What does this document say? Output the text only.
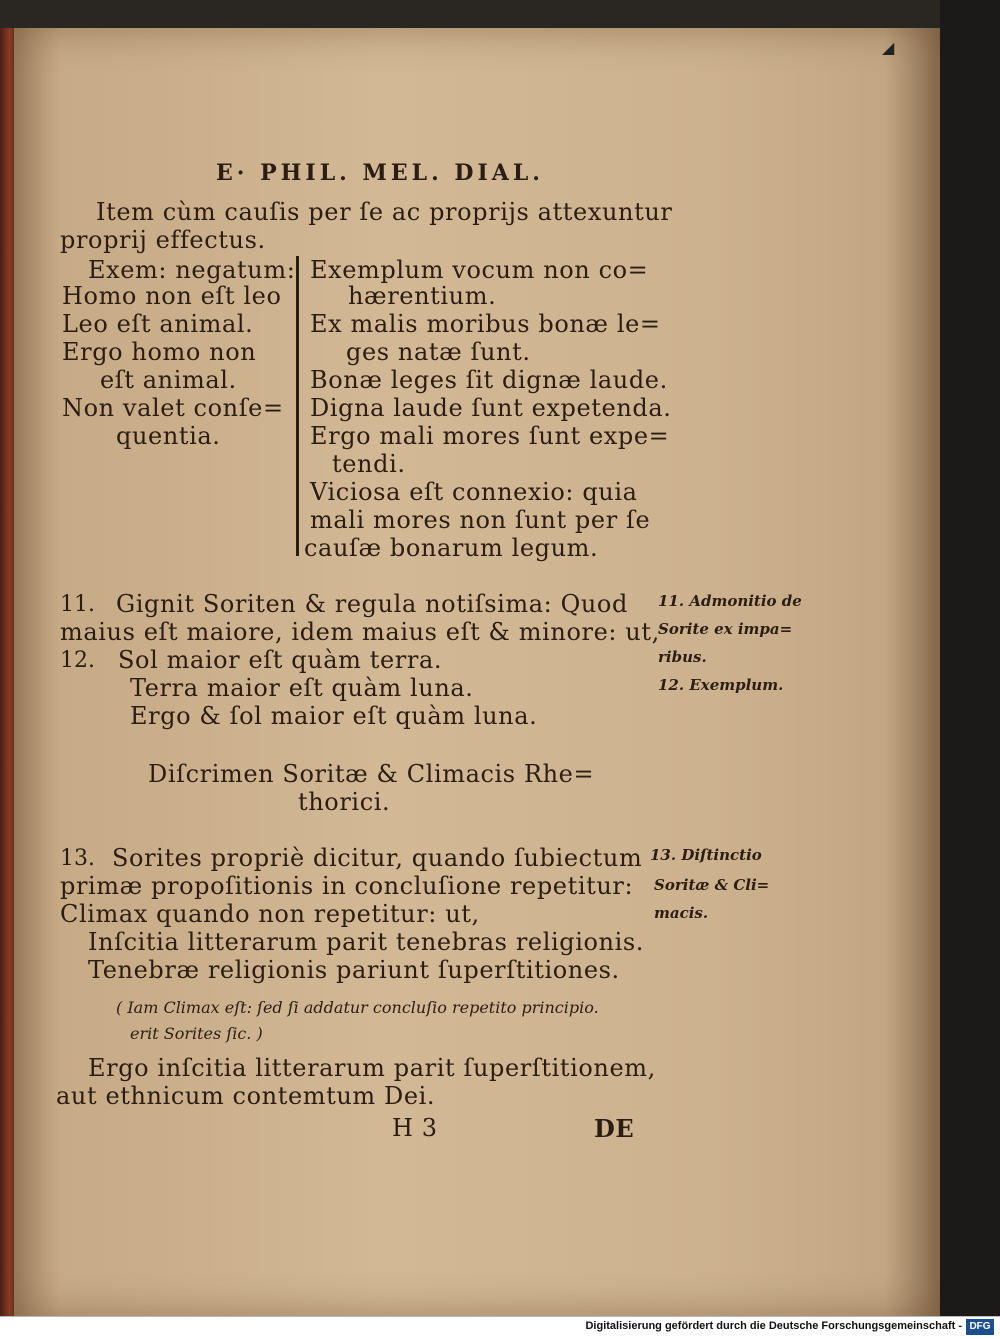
◢
E· PHIL. MEL. DIAL.
Item cùm cauſis per ſe ac proprijs attexuntur
proprij effectus.
Exem: negatum:
Homo non eſt leo
Leo eſt animal.
Ergo homo non
eſt animal.
Non valet conſe=
quentia.
Exemplum vocum non co=
hærentium.
Ex malis moribus bonæ le=
ges natæ ſunt.
Bonæ leges ſit dignæ laude.
Digna laude ſunt expetenda.
Ergo mali mores ſunt expe=
tendi.
Viciosa eſt connexio: quia
mali mores non ſunt per ſe
cauſæ bonarum legum.
11. Gignit Soriten & regula notiſsima: Quod
maius eſt maiore, idem maius eſt & minore: ut,
12. Sol maior eſt quàm terra.
Terra maior eſt quàm luna.
Ergo & ſol maior eſt quàm luna.
11. Admonitio de
Sorite ex impa=
ribus.
12. Exemplum.
Diſcrimen Soritæ & Climacis Rhe=
thorici.
13. Sorites propriè dicitur, quando ſubiectum
primæ propoſitionis in concluſione repetitur:
Climax quando non repetitur: ut,
Inſcitia litterarum parit tenebras religionis.
Tenebræ religionis pariunt ſuperſtitiones.
13. Diſtinctio
Soritæ & Cli=
macis.
( Iam Climax eſt: ſed ſi addatur concluſio repetito principio.
erit Sorites ſic. )
Ergo inſcitia litterarum parit ſuperſtitionem,
aut ethnicum contemtum Dei.
H 3	DE
Digitalisierung gefördert durch die Deutsche Forschungsgemeinschaft - DFG
